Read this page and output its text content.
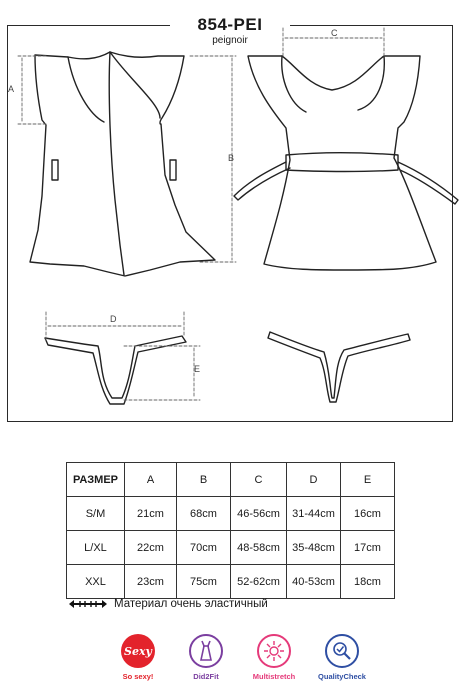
854-PEI
peignoir
A
B
C
D
E
РАЗМЕР	A	B	C	D	E
S/M	21cm	68cm	46-56cm	31-44cm	16cm
L/XL	22cm	70cm	48-58cm	35-48cm	17cm
XXL	23cm	75cm	52-62cm	40-53cm	18cm
Материал очень эластичный
Sexy
So sexy!	Did2Fit	Multistretch	QualityCheck
